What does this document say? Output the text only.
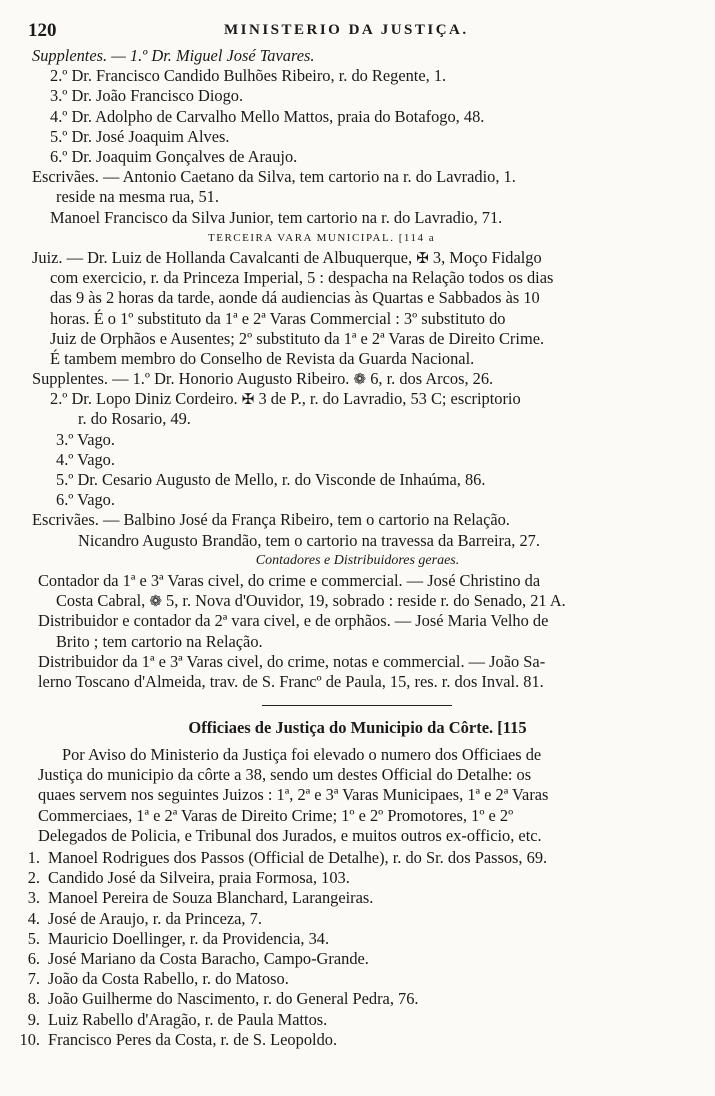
120	MINISTERIO DA JUSTIÇA.
Supplentes. — 1.º Dr. Miguel José Tavares.
2.º Dr. Francisco Candido Bulhões Ribeiro, r. do Regente, 1.
3.º Dr. João Francisco Diogo.
4.º Dr. Adolpho de Carvalho Mello Mattos, praia do Botafogo, 48.
5.º Dr. José Joaquim Alves.
6.º Dr. Joaquim Gonçalves de Araujo.
Escrivães. — Antonio Caetano da Silva, tem cartorio na r. do Lavradio, 1.
reside na mesma rua, 51.
Manoel Francisco da Silva Junior, tem cartorio na r. do Lavradio, 71.
TERCEIRA VARA MUNICIPAL. [114 a
Juiz. — Dr. Luiz de Hollanda Cavalcanti de Albuquerque, ✠ 3, Moço Fidalgo
com exercicio, r. da Princeza Imperial, 5 : despacha na Relação todos os dias
das 9 às 2 horas da tarde, aonde dá audiencias às Quartas e Sabbados às 10
horas. É o 1º substituto da 1ª e 2ª Varas Commercial : 3º substituto do
Juiz de Orphãos e Ausentes; 2º substituto da 1ª e 2ª Varas de Direito Crime.
É tambem membro do Conselho de Revista da Guarda Nacional.
Supplentes. — 1.º Dr. Honorio Augusto Ribeiro. ❁ 6, r. dos Arcos, 26.
2.º Dr. Lopo Diniz Cordeiro. ✠ 3 de P., r. do Lavradio, 53 C; escriptorio
r. do Rosario, 49.
3.º Vago.
4.º Vago.
5.º Dr. Cesario Augusto de Mello, r. do Visconde de Inhaúma, 86.
6.º Vago.
Escrivães. — Balbino José da França Ribeiro, tem o cartorio na Relação.
Nicandro Augusto Brandão, tem o cartorio na travessa da Barreira, 27.
Contadores e Distribuidores geraes.
Contador da 1ª e 3ª Varas civel, do crime e commercial. — José Christino da
Costa Cabral, ❁ 5, r. Nova d'Ouvidor, 19, sobrado : reside r. do Senado, 21 A.
Distribuidor e contador da 2ª vara civel, e de orphãos. — José Maria Velho de
Brito ; tem cartorio na Relação.
Distribuidor da 1ª e 3ª Varas civel, do crime, notas e commercial. — João Sa-
lerno Toscano d'Almeida, trav. de S. Francº de Paula, 15, res. r. dos Inval. 81.
Officiaes de Justiça do Municipio da Côrte. [115
Por Aviso do Ministerio da Justiça foi elevado o numero dos Officiaes de
Justiça do municipio da côrte a 38, sendo um destes Official do Detalhe: os
quaes servem nos seguintes Juizos : 1ª, 2ª e 3ª Varas Municipaes, 1ª e 2ª Varas
Commerciaes, 1ª e 2ª Varas de Direito Crime; 1º e 2º Promotores, 1º e 2º
Delegados de Policia, e Tribunal dos Jurados, e muitos outros ex-officio, etc.
1. Manoel Rodrigues dos Passos (Official de Detalhe), r. do Sr. dos Passos, 69.
2. Candido José da Silveira, praia Formosa, 103.
3. Manoel Pereira de Souza Blanchard, Larangeiras.
4. José de Araujo, r. da Princeza, 7.
5. Mauricio Doellinger, r. da Providencia, 34.
6. José Mariano da Costa Baracho, Campo-Grande.
7. João da Costa Rabello, r. do Matoso.
8. João Guilherme do Nascimento, r. do General Pedra, 76.
9. Luiz Rabello d'Aragão, r. de Paula Mattos.
10. Francisco Peres da Costa, r. de S. Leopoldo.
